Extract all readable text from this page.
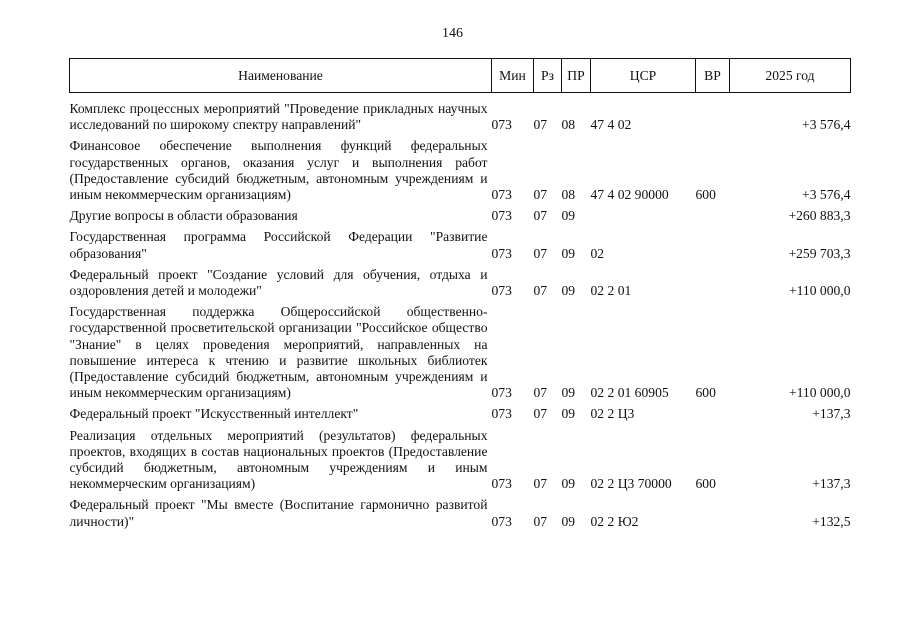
146
Наименование	Мин	Рз	ПР	ЦСР	ВР	2025 год
Комплекс процессных мероприятий "Проведение прикладных научных исследований по широкому спектру направлений"	073	07	08	47 4 02		+3 576,4
Финансовое обеспечение выполнения функций федеральных государственных органов, оказания услуг и выполнения работ (Предоставление субсидий бюджетным, автономным учреждениям и иным некоммерческим организациям)	073	07	08	47 4 02 90000	600	+3 576,4
Другие вопросы в области образования	073	07	09			+260 883,3
Государственная программа Российской Федерации "Развитие образования"	073	07	09	02		+259 703,3
Федеральный проект "Создание условий для обучения, отдыха и оздоровления детей и молодежи"	073	07	09	02 2 01		+110 000,0
Государственная поддержка Общероссийской общественно-государственной просветительской организации "Российское общество "Знание" в целях проведения мероприятий, направленных на повышение интереса к чтению и развитие школьных библиотек (Предоставление субсидий бюджетным, автономным учреждениям и иным некоммерческим организациям)	073	07	09	02 2 01 60905	600	+110 000,0
Федеральный проект "Искусственный интеллект"	073	07	09	02 2 Ц3		+137,3
Реализация отдельных мероприятий (результатов) федеральных проектов, входящих в состав национальных проектов (Предоставление субсидий бюджетным, автономным учреждениям и иным некоммерческим организациям)	073	07	09	02 2 Ц3 70000	600	+137,3
Федеральный проект "Мы вместе (Воспитание гармонично развитой личности)"	073	07	09	02 2 Ю2		+132,5
